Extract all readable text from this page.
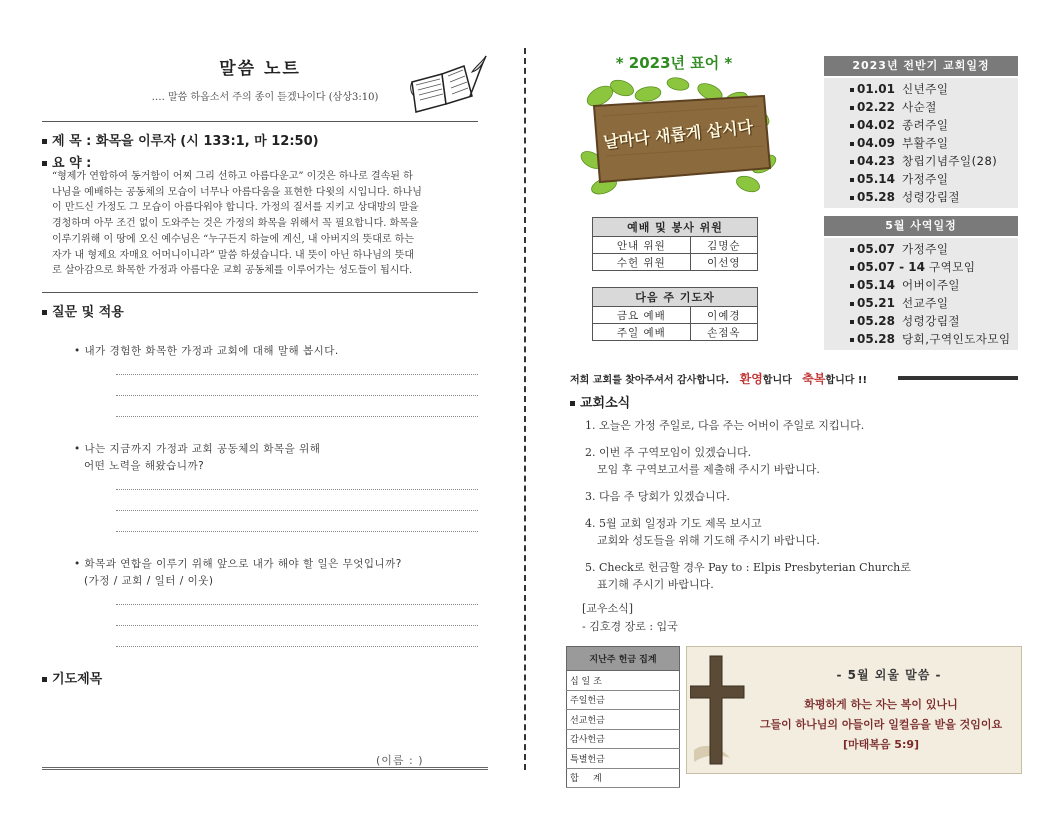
말씀 노트
…. 말씀 하옵소서 주의 종이 듣겠나이다 (삼상3:10)
제 목 : 화목을 이루자 (시 133:1, 마 12:50)
요 약 :
“형제가 연합하여 동거함이 어찌 그리 선하고 아름다운고” 이것은 하나로 결속된 하
나님을 예배하는 공동체의 모습이 너무나 아름다움을 표현한 다윗의 시입니다. 하나님
이 만드신 가정도 그 모습이 아름다워야 합니다. 가정의 질서를 지키고 상대방의 말을
경청하며 아무 조건 없이 도와주는 것은 가정의 화목을 위해서 꼭 필요합니다. 화목을
이루기위해 이 땅에 오신 예수님은 “누구든지 하늘에 계신, 내 아버지의 뜻대로 하는
자가 내 형제요 자매요 어머니이니라” 말씀 하셨습니다. 내 뜻이 아닌 하나님의 뜻대
로 살아감으로 화목한 가정과 아름다운 교회 공동체를 이루어가는 성도들이 됩시다.
질문 및 적용
• 내가 경험한 화목한 가정과 교회에 대해 말해 봅시다.
• 나는 지금까지 가정과 교회 공동체의 화목을 위해
어떤 노력을 해왔습니까?
• 화목과 연합을 이루기 위해 앞으로 내가 해야 할 일은 무엇입니까?
(가정 / 교회 / 일터 / 이웃)
기도제목
(이름 : )
* 2023년 표어 *
날마다 새롭게 삽시다
2023년 전반기 교회일정
01.01 신년주일
02.22 사순절
04.02 종려주일
04.09 부활주일
04.23 창립기념주일(28)
05.14 가정주일
05.28 성령강림절
5월 사역일정
05.07 가정주일
05.07 - 14 구역모임
05.14 어버이주일
05.21 선교주일
05.28 성령강림절
05.28 당회,구역인도자모임
예배 및 봉사 위원	
안내 위원	김명순
수헌 위원	이선영
다음 주 기도자	
금요 예배	이예경
주일 예배	손점옥
저희 교회를 찾아주셔서 감사합니다. 환영합니다 축복합니다 !!
교회소식
1. 오늘은 가정 주일로, 다음 주는 어버이 주일로 지킵니다.
2. 이번 주 구역모임이 있겠습니다.
모임 후 구역보고서를 제출해 주시기 바랍니다.
3. 다음 주 당회가 있겠습니다.
4. 5월 교회 일정과 기도 제목 보시고
교회와 성도들을 위해 기도해 주시기 바랍니다.
5. Check로 헌금할 경우 Pay to : Elpis Presbyterian Church로
표기해 주시기 바랍니다.
[교우소식]
- 김호경 장로 : 입국
지난주 헌금 집계
십 일 조
주일헌금
선교헌금
감사헌금
특별헌금
합     계
- 5월 외울 말씀 -
화평하게 하는 자는 복이 있나니
그들이 하나님의 아들이라 일컬음을 받을 것임이요
[마태복음 5:9]
